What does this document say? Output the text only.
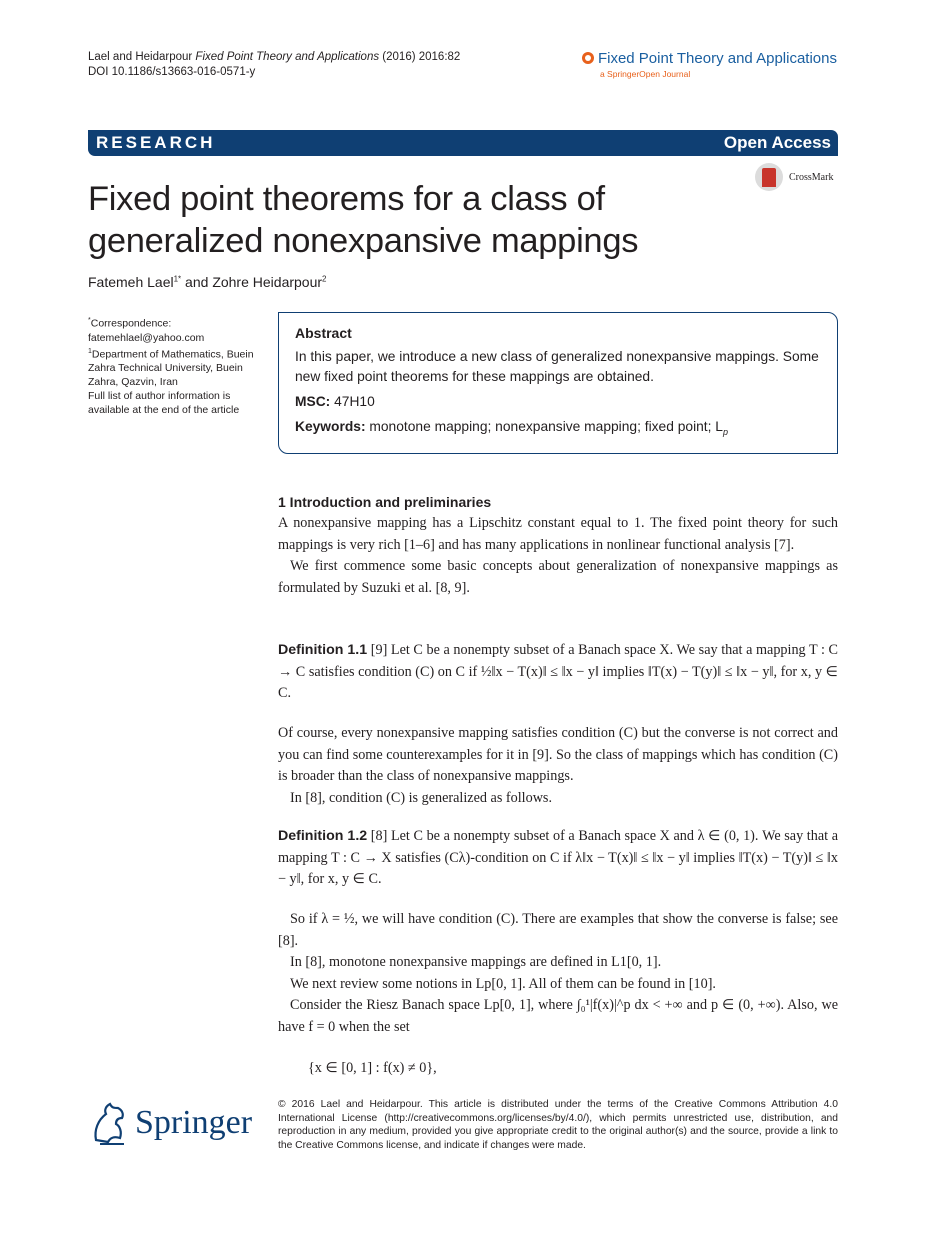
Lael and Heidarpour Fixed Point Theory and Applications (2016) 2016:82
DOI 10.1186/s13663-016-0571-y
Fixed Point Theory and Applications
a SpringerOpen Journal
RESEARCH	Open Access
CrossMark
Fixed point theorems for a class of generalized nonexpansive mappings
Fatemeh Lael$^{1*}$ and Zohre Heidarpour$^2$
*Correspondence:
fatemehlael@yahoo.com
$^1$Department of Mathematics, Buein Zahra Technical University, Buein Zahra, Qazvin, Iran
Full list of author information is available at the end of the article
Abstract
In this paper, we introduce a new class of generalized nonexpansive mappings. Some new fixed point theorems for these mappings are obtained.
MSC: 47H10
Keywords: monotone mapping; nonexpansive mapping; fixed point; $L_p$
1 Introduction and preliminaries

A nonexpansive mapping has a Lipschitz constant equal to 1. The fixed point theory for such mappings is very rich [1–6] and has many applications in nonlinear functional analysis [7].

We first commence some basic concepts about generalization of nonexpansive mappings as formulated by Suzuki et al. [8, 9].

Definition 1.1 [9] Let C be a nonempty subset of a Banach space X. We say that a mapping T : C → C satisfies condition (C) on C if ½‖x − T(x)‖ ≤ ‖x − y‖ implies ‖T(x) − T(y)‖ ≤ ‖x − y‖, for x, y ∈ C.

Of course, every nonexpansive mapping satisfies condition (C) but the converse is not correct and you can find some counterexamples for it in [9]. So the class of mappings which has condition (C) is broader than the class of nonexpansive mappings.

In [8], condition (C) is generalized as follows.

Definition 1.2 [8] Let C be a nonempty subset of a Banach space X and λ ∈ (0, 1). We say that a mapping T : C → X satisfies (Cλ)-condition on C if λ‖x − T(x)‖ ≤ ‖x − y‖ implies ‖T(x) − T(y)‖ ≤ ‖x − y‖, for x, y ∈ C.

So if λ = ½, we will have condition (C). There are examples that show the converse is false; see [8].

In [8], monotone nonexpansive mappings are defined in L1[0, 1].

We next review some notions in Lp[0, 1]. All of them can be found in [10].

Consider the Riesz Banach space Lp[0, 1], where ∫₀¹|f(x)|^p dx < +∞ and p ∈ (0, +∞). Also, we have f = 0 when the set

{x ∈ [0, 1] : f(x) ≠ 0},
Springer	© 2016 Lael and Heidarpour. This article is distributed under the terms of the Creative Commons Attribution 4.0 International License (http://creativecommons.org/licenses/by/4.0/), which permits unrestricted use, distribution, and reproduction in any medium, provided you give appropriate credit to the original author(s) and the source, provide a link to the Creative Commons license, and indicate if changes were made.
